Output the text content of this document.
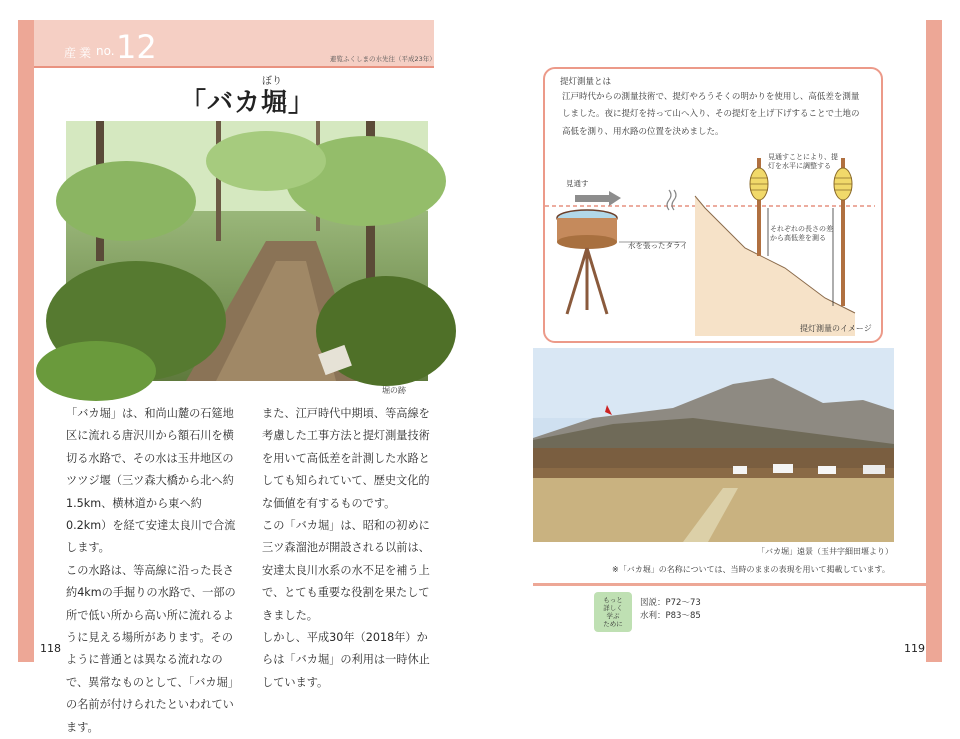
産業 no. 12	避覧ふくしまの水先往（平成23年）
ぼり
「バカ堀」
堀の跡

「バカ堀」は、和尚山麓の石筵地区に流れる唐沢川から額石川を横切る水路で、その水は玉井地区のツツジ堰（三ツ森大橋から北へ約1.5km、横林道から東へ約0.2km）を経て安達太良川で合流します。

この水路は、等高線に沿った長さ約4kmの手掘りの水路で、一部の所で低い所から高い所に流れるように見える場所があります。そのように普通とは異なる流れなので、異常なものとして、「バカ堀」の名前が付けられたといわれています。

また、江戸時代中期頃、等高線を考慮した工事方法と提灯測量技術を用いて高低差を計測した水路としても知られていて、歴史文化的な価値を有するものです。

この「バカ堀」は、昭和の初めに三ツ森溜池が開設される以前は、安達太良川水系の水不足を補う上で、とても重要な役割を果たしてきました。

しかし、平成30年（2018年）からは「バカ堀」の利用は一時休止しています。

118
提灯測量とは

江戸時代からの測量技術で、提灯やろうそくの明かりを使用し、高低差を測量しました。夜に提灯を持って山へ入り、その提灯を上げ下げすることで土地の高低を測り、用水路の位置を決めました。

見通す
水を張ったタライ
見通すことにより、提
灯を水平に調整する
それぞれの長さの差
から高低差を測る
提灯測量のイメージ
「バカ堀」遠景（玉井字細田堰より）
※「バカ堀」の名称については、当時のままの表現を用いて掲載しています。
もっと
詳しく
学ぶ
ために
図説：P72～73
水利：P83～85
119
